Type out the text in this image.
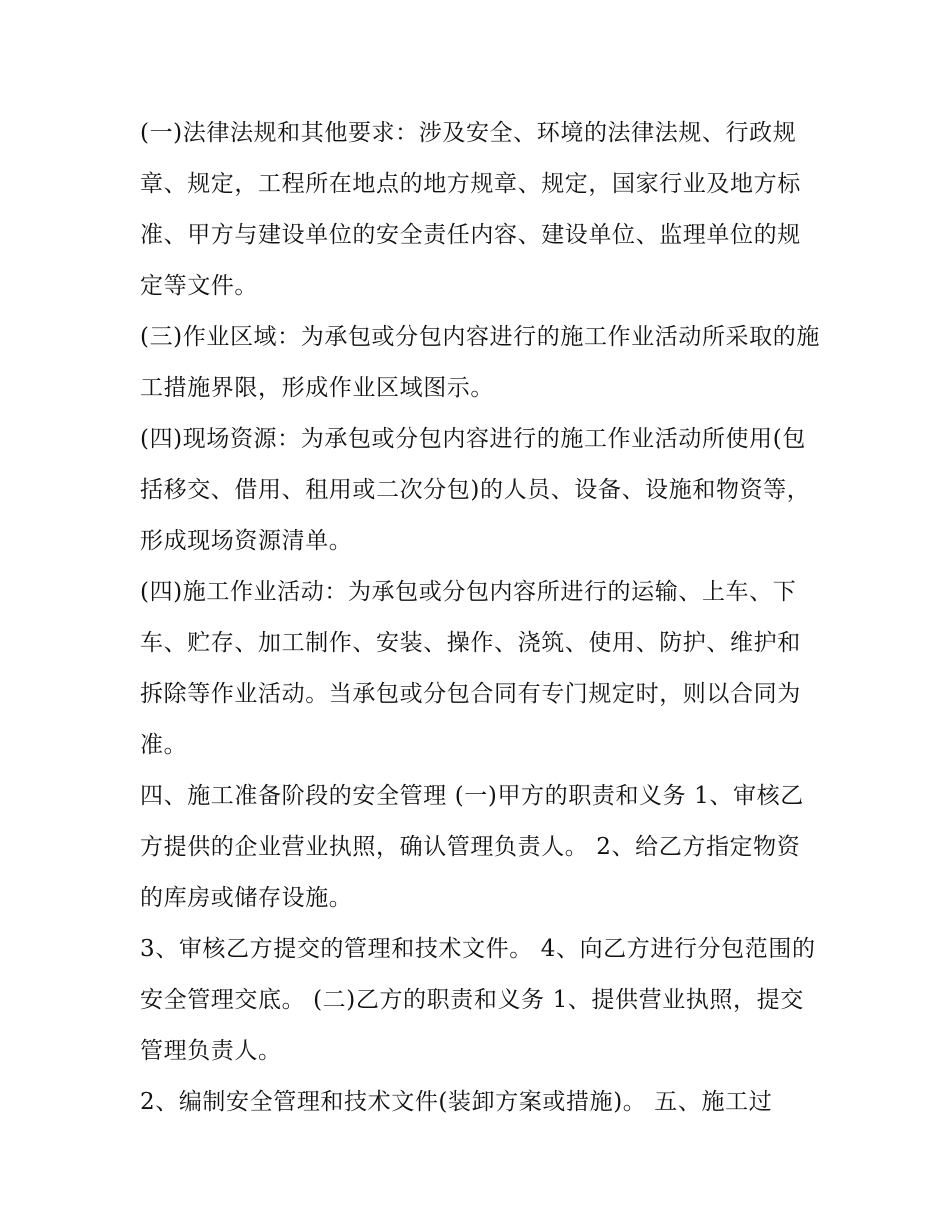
(一)法律法规和其他要求：涉及安全、环境的法律法规、行政规章、规定，工程所在地点的地方规章、规定，国家行业及地方标准、甲方与建设单位的安全责任内容、建设单位、监理单位的规定等文件。

(三)作业区域：为承包或分包内容进行的施工作业活动所采取的施工措施界限，形成作业区域图示。

(四)现场资源：为承包或分包内容进行的施工作业活动所使用(包括移交、借用、租用或二次分包)的人员、设备、设施和物资等，形成现场资源清单。

(四)施工作业活动：为承包或分包内容所进行的运输、上车、下车、贮存、加工制作、安装、操作、浇筑、使用、防护、维护和拆除等作业活动。当承包或分包合同有专门规定时，则以合同为准。

四、施工准备阶段的安全管理 (一)甲方的职责和义务 1、审核乙方提供的企业营业执照，确认管理负责人。 2、给乙方指定物资的库房或储存设施。

3、审核乙方提交的管理和技术文件。 4、向乙方进行分包范围的安全管理交底。 (二)乙方的职责和义务 1、提供营业执照，提交管理负责人。

2、编制安全管理和技术文件(装卸方案或措施)。 五、施工过
